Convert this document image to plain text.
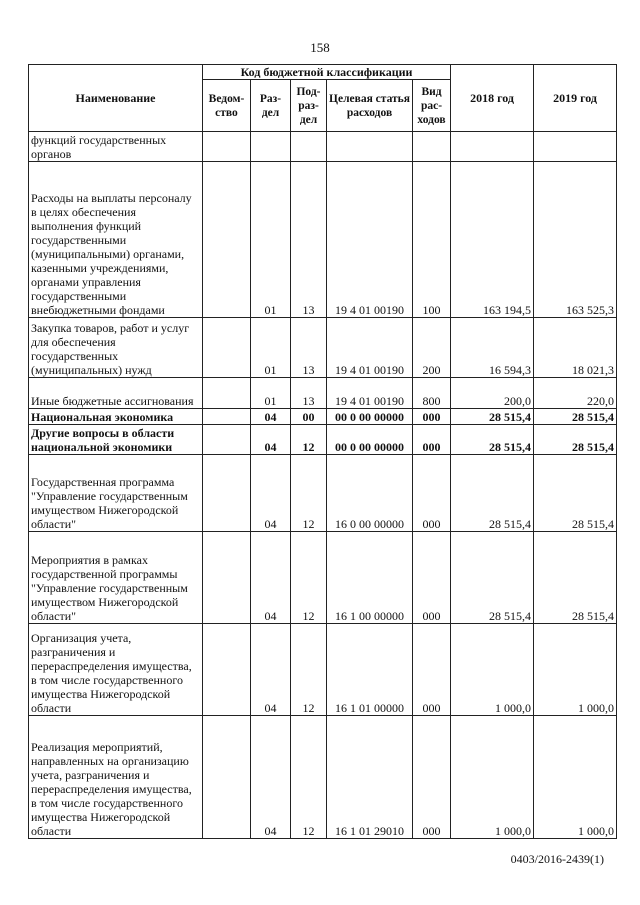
158
Наименование	Код бюджетной классификации					2018 год	2019 год
	Ведом-ство	Раз-дел	Под-раз-дел	Целевая статья расходов	Вид рас-ходов		
функций государственных органов							
Расходы на выплаты персоналу в целях обеспечения выполнения функций государственными (муниципальными) органами, казенными учреждениями, органами управления государственными внебюджетными фондами		01	13	19 4 01 00190	100	163 194,5	163 525,3
Закупка товаров, работ и услуг для обеспечения государственных (муниципальных) нужд		01	13	19 4 01 00190	200	16 594,3	18 021,3
Иные бюджетные ассигнования		01	13	19 4 01 00190	800	200,0	220,0
Национальная экономика		04	00	00 0 00 00000	000	28 515,4	28 515,4
Другие вопросы в области национальной экономики		04	12	00 0 00 00000	000	28 515,4	28 515,4
Государственная программа "Управление государственным имуществом Нижегородской области"		04	12	16 0 00 00000	000	28 515,4	28 515,4
Мероприятия в рамках государственной программы "Управление государственным имуществом Нижегородской области"		04	12	16 1 00 00000	000	28 515,4	28 515,4
Организация учета, разграничения и перераспределения имущества, в том числе государственного имущества Нижегородской области		04	12	16 1 01 00000	000	1 000,0	1 000,0
Реализация мероприятий, направленных на организацию учета, разграничения и перераспределения имущества, в том числе государственного имущества Нижегородской области		04	12	16 1 01 29010	000	1 000,0	1 000,0
0403/2016-2439(1)
